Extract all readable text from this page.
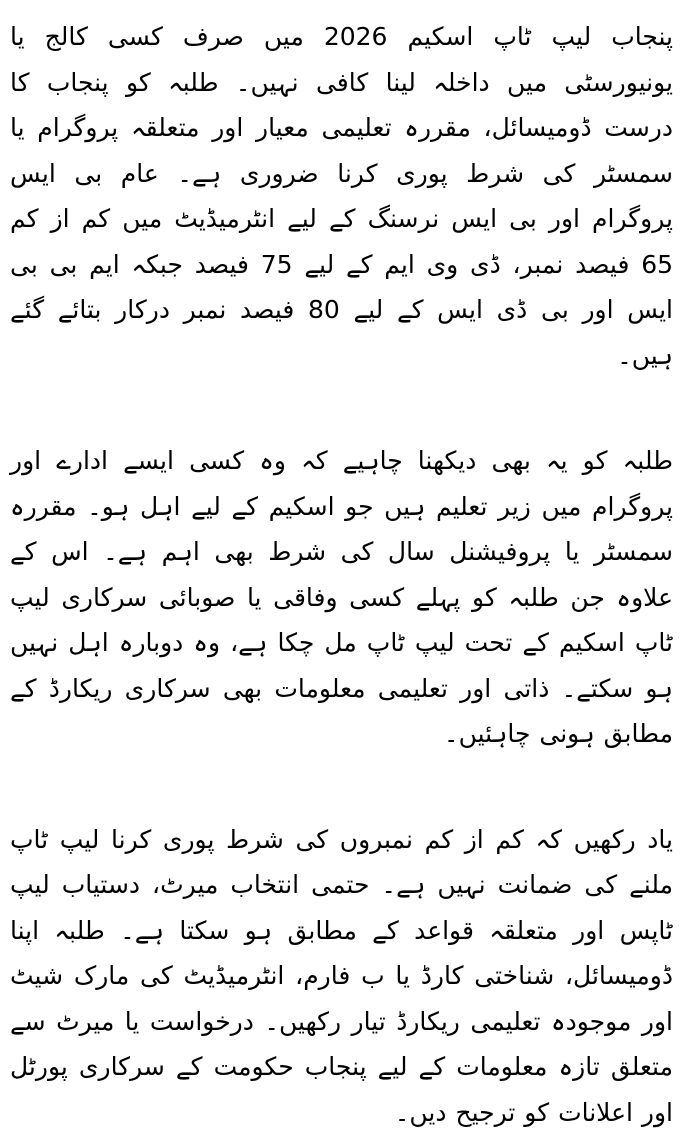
پنجاب لیپ ٹاپ اسکیم 2026 میں صرف کسی کالج یا یونیورسٹی میں داخلہ لینا کافی نہیں۔ طلبہ کو پنجاب کا درست ڈومیسائل، مقررہ تعلیمی معیار اور متعلقہ پروگرام یا سمسٹر کی شرط پوری کرنا ضروری ہے۔ عام بی ایس پروگرام اور بی ایس نرسنگ کے لیے انٹرمیڈیٹ میں کم از کم 65 فیصد نمبر، ڈی وی ایم کے لیے 75 فیصد جبکہ ایم بی بی ایس اور بی ڈی ایس کے لیے 80 فیصد نمبر درکار بتائے گئے ہیں۔

طلبہ کو یہ بھی دیکھنا چاہیے کہ وہ کسی ایسے ادارے اور پروگرام میں زیر تعلیم ہیں جو اسکیم کے لیے اہل ہو۔ مقررہ سمسٹر یا پروفیشنل سال کی شرط بھی اہم ہے۔ اس کے علاوہ جن طلبہ کو پہلے کسی وفاقی یا صوبائی سرکاری لیپ ٹاپ اسکیم کے تحت لیپ ٹاپ مل چکا ہے، وہ دوبارہ اہل نہیں ہو سکتے۔ ذاتی اور تعلیمی معلومات بھی سرکاری ریکارڈ کے مطابق ہونی چاہئیں۔

یاد رکھیں کہ کم از کم نمبروں کی شرط پوری کرنا لیپ ٹاپ ملنے کی ضمانت نہیں ہے۔ حتمی انتخاب میرٹ، دستیاب لیپ ٹاپس اور متعلقہ قواعد کے مطابق ہو سکتا ہے۔ طلبہ اپنا ڈومیسائل، شناختی کارڈ یا ب فارم، انٹرمیڈیٹ کی مارک شیٹ اور موجودہ تعلیمی ریکارڈ تیار رکھیں۔ درخواست یا میرٹ سے متعلق تازہ معلومات کے لیے پنجاب حکومت کے سرکاری پورٹل اور اعلانات کو ترجیح دیں۔
